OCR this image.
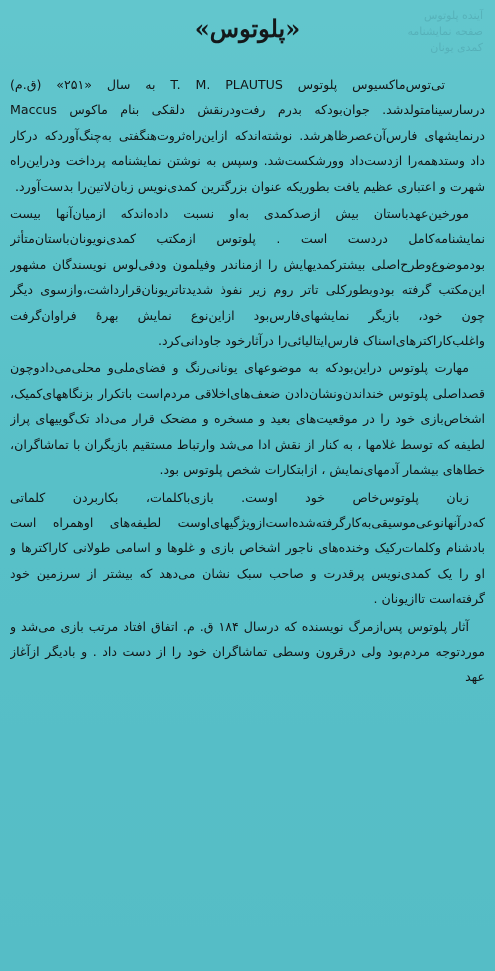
آینده پلوتوس
صفحه نمایشنامه
کمدی یونان
«پلوتوس»

تی‌توس‌ماکسیوس پلوتوس T. M. PLAUTUS به سال «۲۵۱» (ق.م) درسارسینامتولدشد. جوان‌بودکه بدرم رفت‌ودرنقش دلقکی بنام ماکوس Maccus درنمایشهای فارس‌آن‌عصرظاهرشد. نوشته‌اندکه ازاین‌راه‌ثروت‌هنگفتی به‌چنگ‌آوردکه درکار داد وستدهمه‌را ازدست‌داد وورشکست‌شد. وسپس به نوشتن نمایشنامه پرداخت ودراین‌راه شهرت و اعتباری عظیم یافت بطوریکه عنوان بزرگترین کمدی‌نویس زبان‌لاتین‌را بدست‌آورد.

مورخین‌عهدباستان بیش ازصدکمدی به‌او نسبت داده‌اندکه ازمیان‌آنها بیست نمایشنامه‌کامل دردست است . پلوتوس ازمکتب کمدی‌نو‌یونان‌باستان‌متأثر بودموضوع‌وطرح‌اصلی بیشترکمدیهایش را ازمناندر وفیلمون ودفی‌لوس نویسندگان مشهور این‌مکتب گرفته بودوبطورکلی تاتر روم زیر نفوذ شدیدتاتریونان‌قرارداشت،وازسوی دیگر چون خود، بازیگر نمایشهای‌فارس‌بود ازاین‌نوع نمایش بهرهٔ فراوان‌گرفت واغلب‌کاراکترهای‌اسناک فارس‌ایتالیائی‌را درآثارخود جاودانی‌کرد.

مهارت پلوتوس دراین‌بودکه به موضوعهای یونانی‌رنگ و فضای‌ملی‌و محلی‌می‌دادوچون قصداصلی پلوتوس خنداندن‌ونشان‌دادن ضعف‌های‌اخلاقی مردم‌است باتکرار بزنگاههای‌کمیک، اشخاص‌بازی خود را در موقعیت‌های بعید و مسخره و مضحک قرار می‌داد تک‌گوییهای پراز لطیفه که توسط غلامها ، به کنار از نقش ادا می‌شد وارتباط مستقیم بازیگران با تماشاگران، خطاهای بیشمار آدمهای‌نمایش ، ازابتکارات شخص پلوتوس بود.

زبان پلوتوس‌خاص خود اوست. بازی‌باکلمات، بکاربردن کلماتی که‌درآنهانوعی‌موسیقی‌به‌کارگرفته‌شده‌است‌ازویژگیهای‌اوست لطیفه‌های اوهمراه است بادشنام وکلمات‌رکیک وخنده‌های ناجور اشخاص بازی و غلوها و اسامی طولانی کاراکترها و او را یک کمدی‌نویس پرقدرت و صاحب سبک نشان می‌دهد که بیشتر از سرزمین خود گرفته‌است تاازیونان .

آثار پلوتوس پس‌ازمرگ نویسنده که درسال ۱۸۴ ق. م. اتفاق افتاد مرتب بازی می‌شد و موردتوجه مردم‌بود ولی درقرون وسطی تماشاگران خود را از دست داد . و بادیگر ازآغاز عهد
